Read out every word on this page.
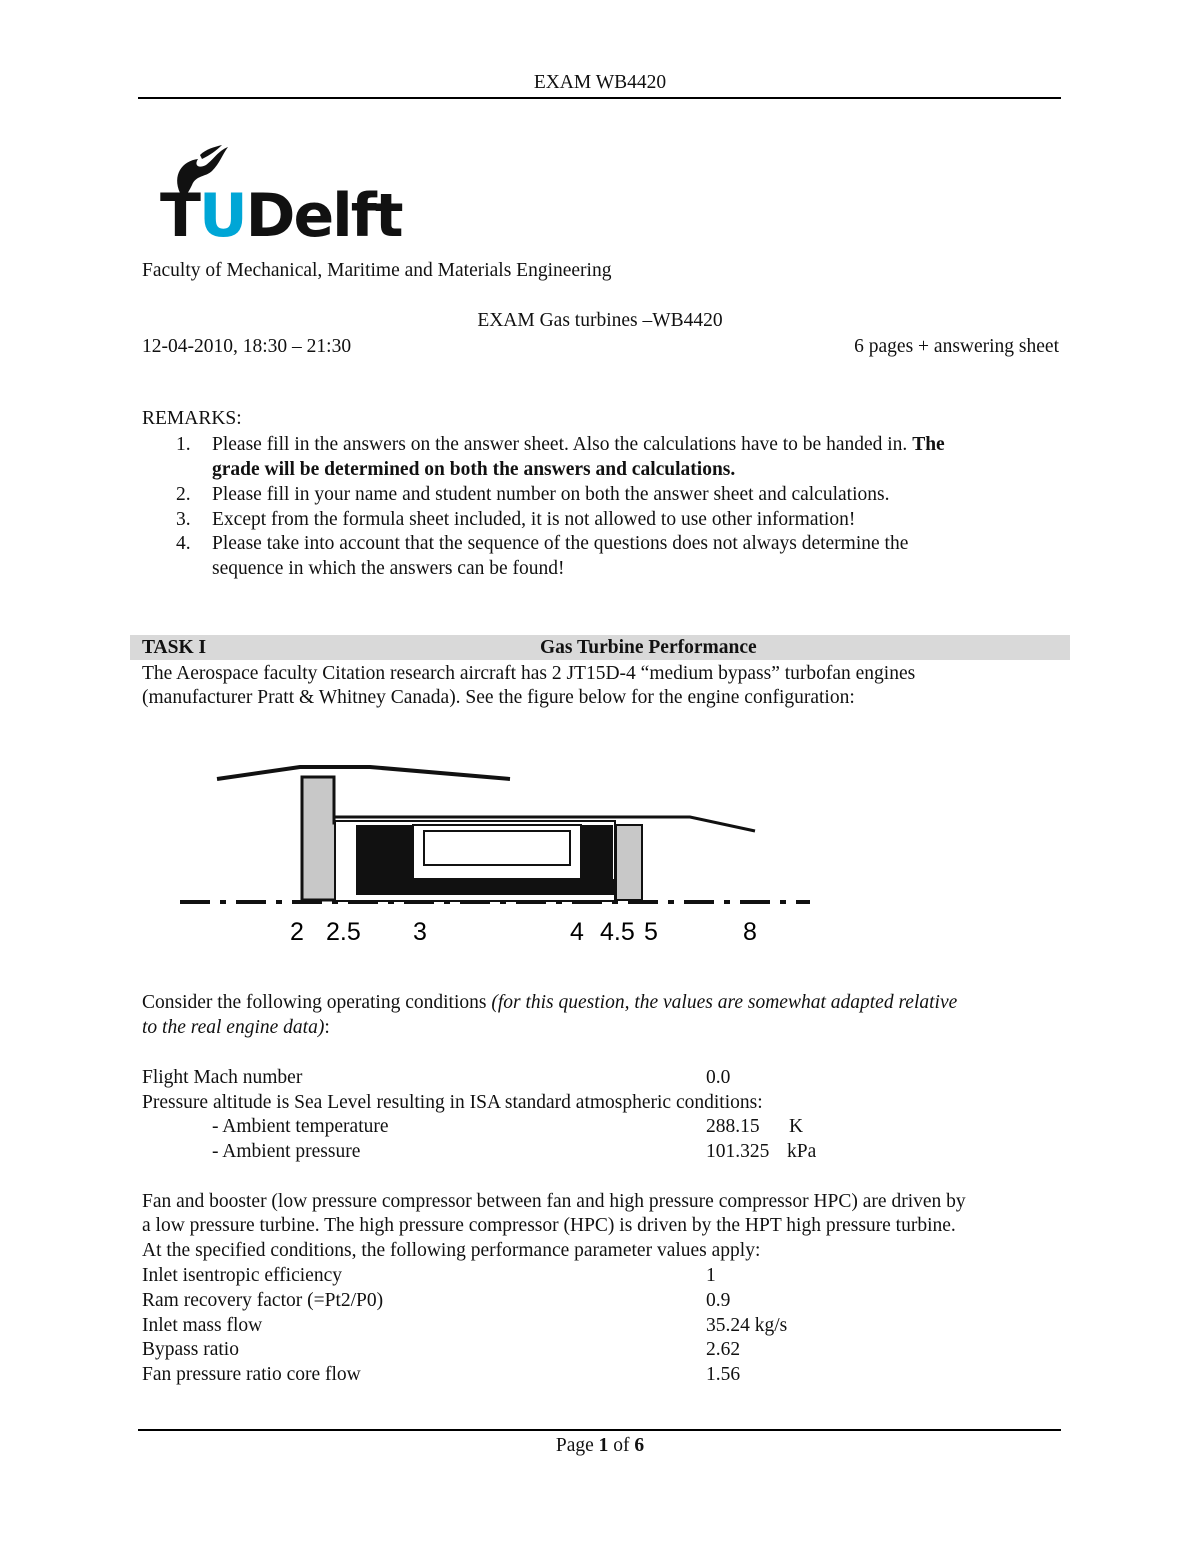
EXAM WB4420
TUDelft
Faculty of Mechanical, Maritime and Materials Engineering
EXAM Gas turbines –WB4420
12-04-2010, 18:30 – 21:30	6 pages + answering sheet
REMARKS:
1. Please fill in the answers on the answer sheet. Also the calculations have to be handed in. The
grade will be determined on both the answers and calculations.
2. Please fill in your name and student number on both the answer sheet and calculations.
3. Except from the formula sheet included, it is not allowed to use other information!
4. Please take into account that the sequence of the questions does not always determine the
sequence in which the answers can be found!
TASK I	Gas Turbine Performance
The Aerospace faculty Citation research aircraft has 2 JT15D-4 “medium bypass” turbofan engines
(manufacturer Pratt & Whitney Canada). See the figure below for the engine configuration:
2 2.5 3	4 4.5 5	8
Consider the following operating conditions (for this question, the values are somewhat adapted relative
to the real engine data):
Flight Mach number	0.0
Pressure altitude is Sea Level resulting in ISA standard atmospheric conditions:
- Ambient temperature	288.15 K
- Ambient pressure	101.325 kPa
Fan and booster (low pressure compressor between fan and high pressure compressor HPC) are driven by
a low pressure turbine. The high pressure compressor (HPC) is driven by the HPT high pressure turbine.
At the specified conditions, the following performance parameter values apply:
Inlet isentropic efficiency	1
Ram recovery factor (=Pt2/P0)	0.9
Inlet mass flow	35.24 kg/s
Bypass ratio	2.62
Fan pressure ratio core flow	1.56
Page 1 of 6
